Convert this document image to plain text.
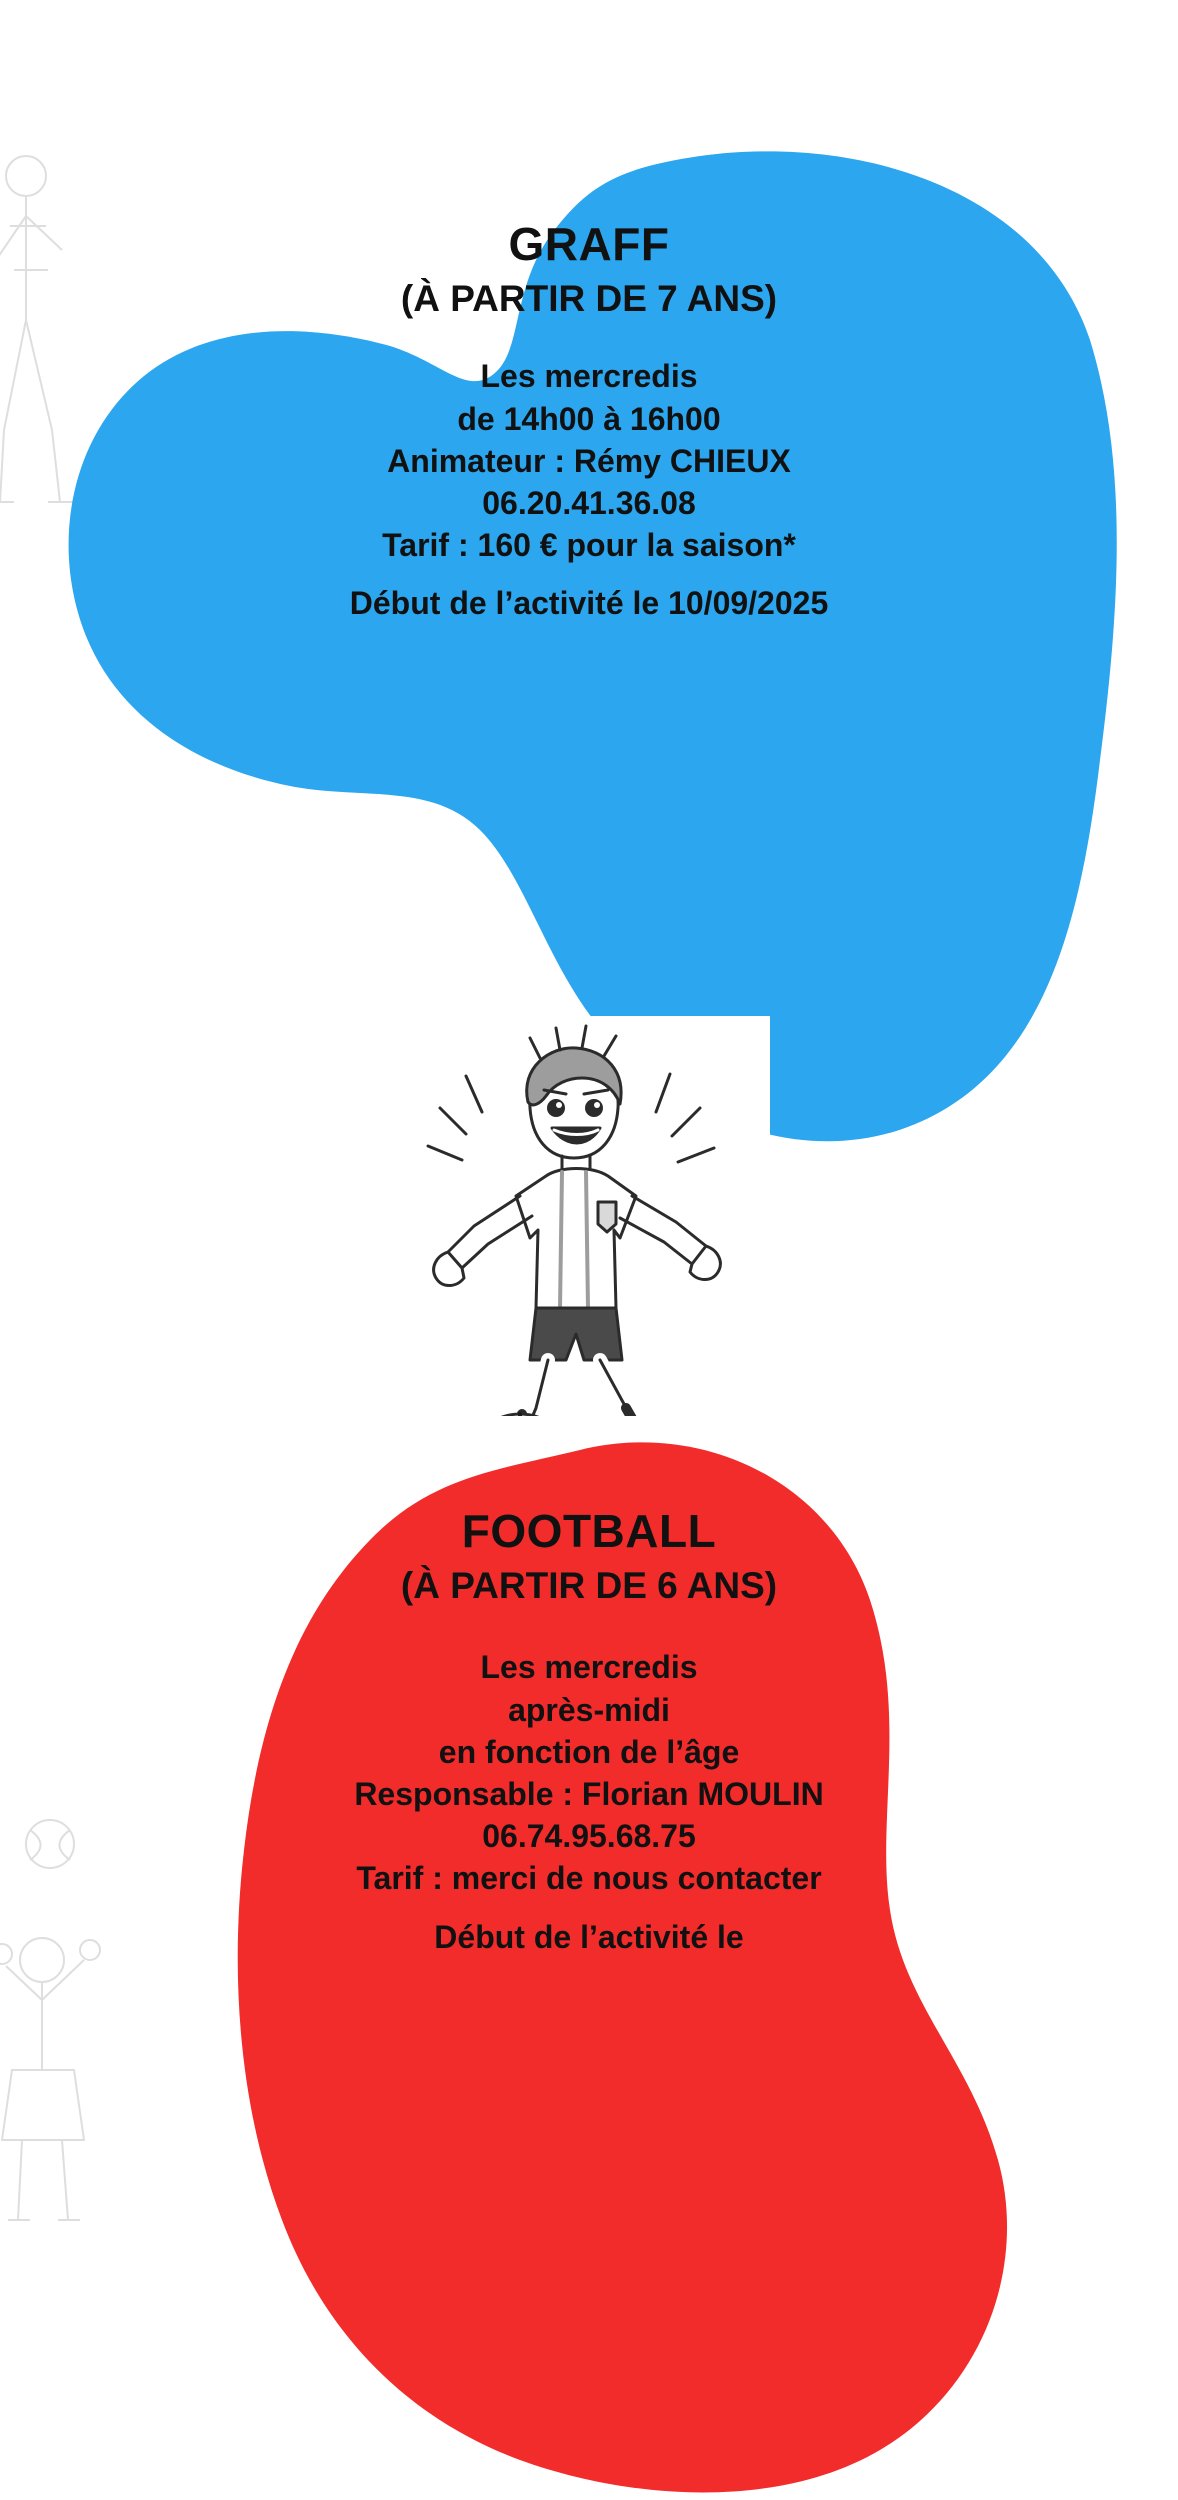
GRAFF
(À PARTIR DE 7 ANS)
Les mercredis
de 14h00 à 16h00
Animateur : Rémy CHIEUX
06.20.41.36.08
Tarif : 160 € pour la saison*
Début de l’activité le 10/09/2025
FOOTBALL
(À PARTIR DE 6 ANS)
Les mercredis
après-midi
en fonction de l’âge
Responsable : Florian MOULIN
06.74.95.68.75
Tarif : merci de nous contacter
Début de l’activité le
